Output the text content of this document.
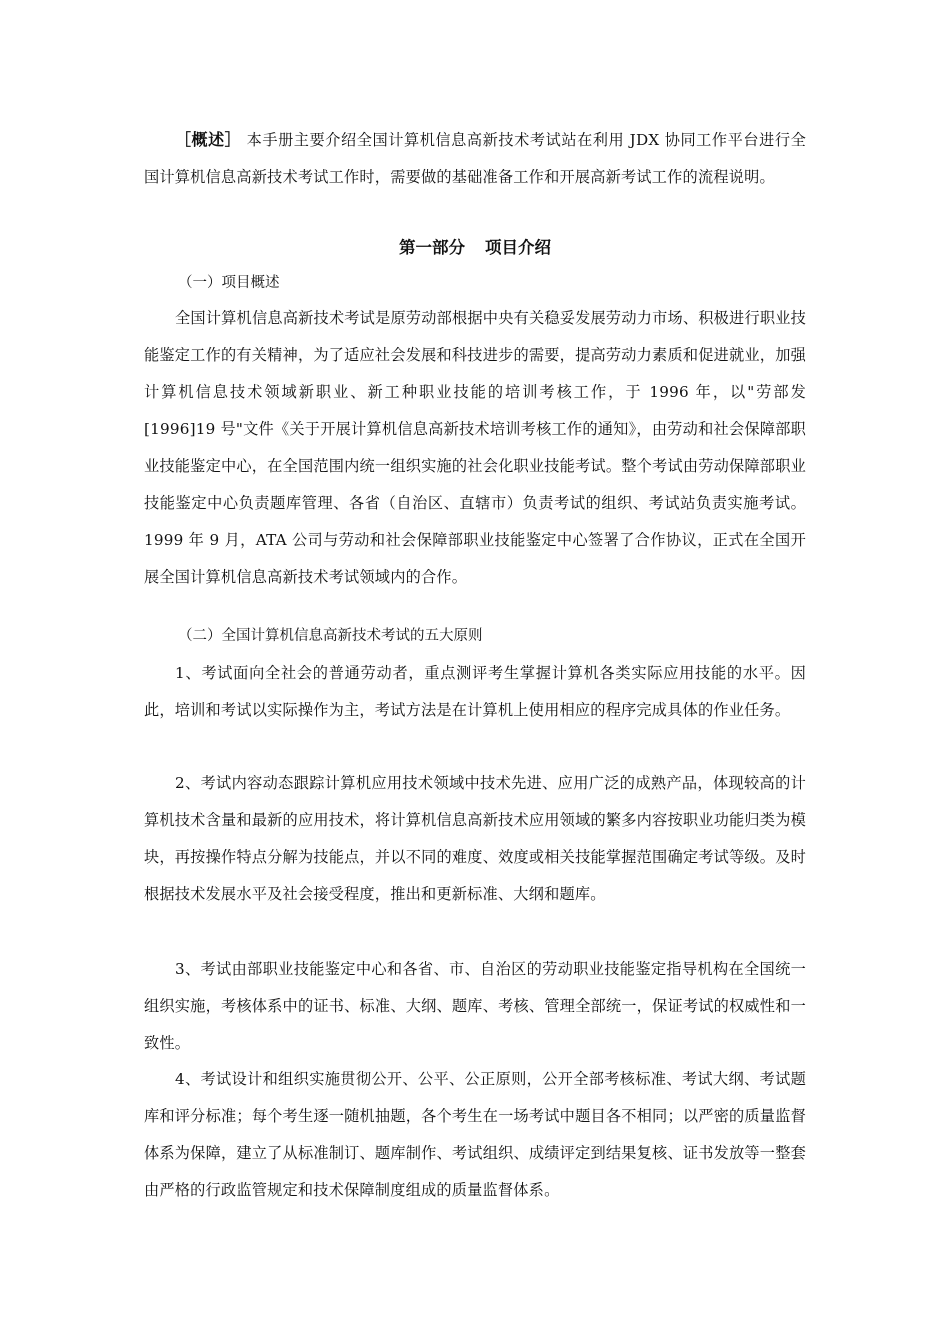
［概述］ 本手册主要介绍全国计算机信息高新技术考试站在利用 JDX 协同工作平台进行全国计算机信息高新技术考试工作时，需要做的基础准备工作和开展高新考试工作的流程说明。

第一部分 项目介绍

（一）项目概述

全国计算机信息高新技术考试是原劳动部根据中央有关稳妥发展劳动力市场、积极进行职业技能鉴定工作的有关精神，为了适应社会发展和科技进步的需要，提高劳动力素质和促进就业，加强计算机信息技术领域新职业、新工种职业技能的培训考核工作，于 1996 年，以"劳部发[1996]19 号"文件《关于开展计算机信息高新技术培训考核工作的通知》，由劳动和社会保障部职业技能鉴定中心，在全国范围内统一组织实施的社会化职业技能考试。整个考试由劳动保障部职业技能鉴定中心负责题库管理、各省（自治区、直辖市）负责考试的组织、考试站负责实施考试。1999 年 9 月，ATA 公司与劳动和社会保障部职业技能鉴定中心签署了合作协议，正式在全国开展全国计算机信息高新技术考试领域内的合作。

（二）全国计算机信息高新技术考试的五大原则

1、考试面向全社会的普通劳动者，重点测评考生掌握计算机各类实际应用技能的水平。因此，培训和考试以实际操作为主，考试方法是在计算机上使用相应的程序完成具体的作业任务。

2、考试内容动态跟踪计算机应用技术领域中技术先进、应用广泛的成熟产品，体现较高的计算机技术含量和最新的应用技术，将计算机信息高新技术应用领域的繁多内容按职业功能归类为模块，再按操作特点分解为技能点，并以不同的难度、效度或相关技能掌握范围确定考试等级。及时根据技术发展水平及社会接受程度，推出和更新标准、大纲和题库。

3、考试由部职业技能鉴定中心和各省、市、自治区的劳动职业技能鉴定指导机构在全国统一组织实施，考核体系中的证书、标准、大纲、题库、考核、管理全部统一，保证考试的权威性和一致性。

4、考试设计和组织实施贯彻公开、公平、公正原则，公开全部考核标准、考试大纲、考试题库和评分标准；每个考生逐一随机抽题，各个考生在一场考试中题目各不相同；以严密的质量监督体系为保障，建立了从标准制订、题库制作、考试组织、成绩评定到结果复核、证书发放等一整套由严格的行政监管规定和技术保障制度组成的质量监督体系。
